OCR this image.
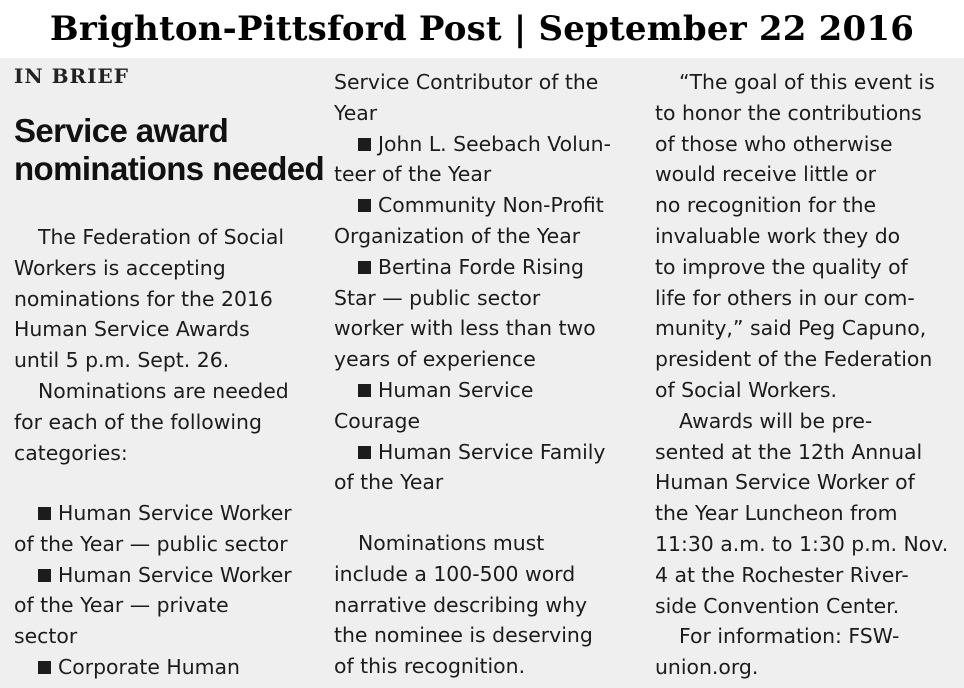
Brighton-Pittsford Post | September 22 2016
IN BRIEF
Service award
nominations needed

The Federation of Social

Workers is accepting

nominations for the 2016

Human Service Awards

until 5 p.m. Sept. 26.

Nominations are needed

for each of the following

categories:

Human Service Worker

of the Year — public sector

Human Service Worker

of the Year — private

sector

Corporate Human

Service Contributor of the

Year

John L. Seebach Volun-

teer of the Year

Community Non-Profit

Organization of the Year

Bertina Forde Rising

Star — public sector

worker with less than two

years of experience

Human Service

Courage

Human Service Family

of the Year

Nominations must

include a 100-500 word

narrative describing why

the nominee is deserving

of this recognition.

“The goal of this event is

to honor the contributions

of those who otherwise

would receive little or

no recognition for the

invaluable work they do

to improve the quality of

life for others in our com-

munity,” said Peg Capuno,

president of the Federation

of Social Workers.

Awards will be pre-

sented at the 12th Annual

Human Service Worker of

the Year Luncheon from

11:30 a.m. to 1:30 p.m. Nov.

4 at the Rochester River-

side Convention Center.

For information: FSW-

union.org.
